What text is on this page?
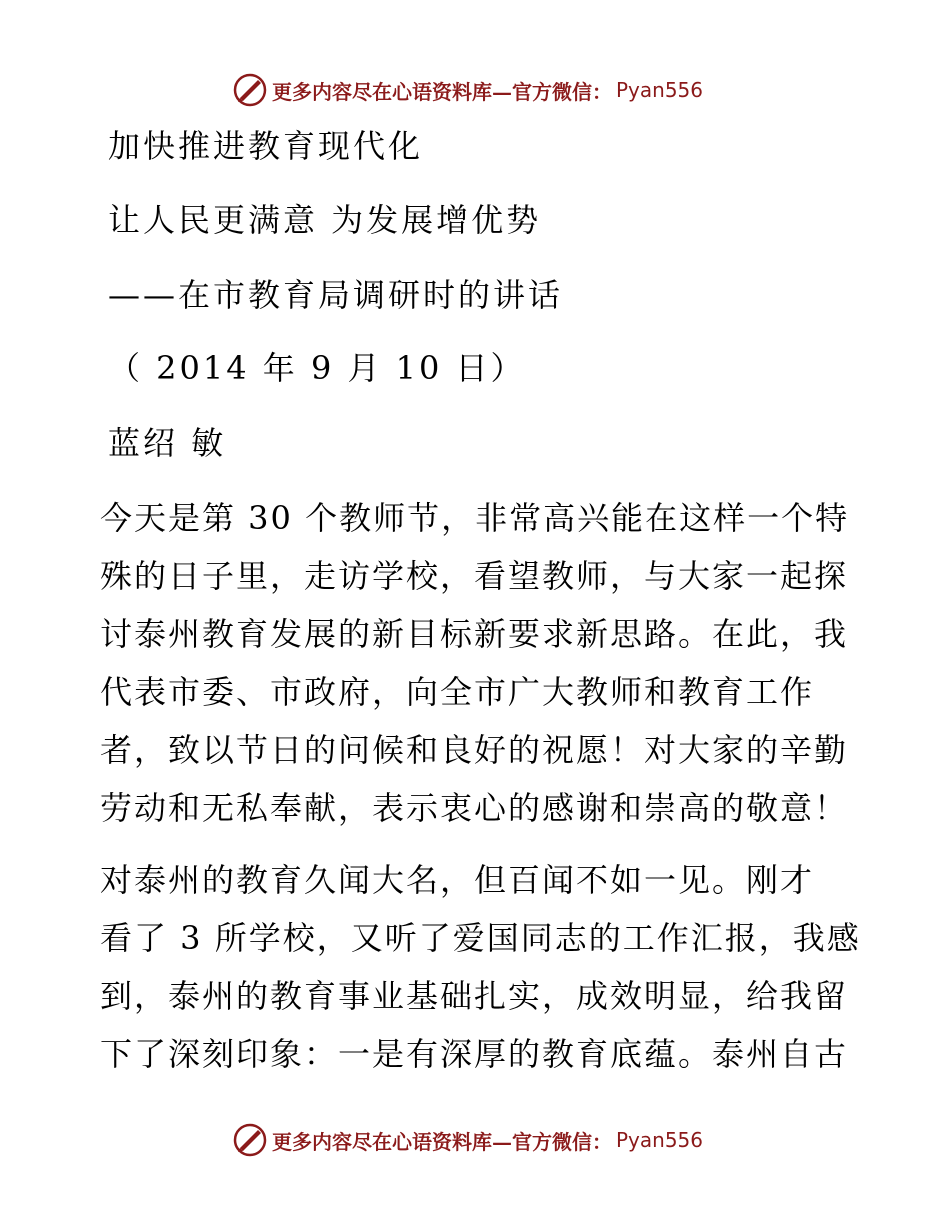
更多内容尽在心语资料库—官方微信： Pyan556
加快推进教育现代化
让人民更满意 为发展增优势
——在市教育局调研时的讲话
（ 2014 年 9 月 10 日）
蓝绍 敏
今天是第 30 个教师节，非常高兴能在这样一个特
殊的日子里，走访学校，看望教师，与大家一起探
讨泰州教育发展的新目标新要求新思路。在此，我
代表市委、市政府，向全市广大教师和教育工作
者，致以节日的问候和良好的祝愿！对大家的辛勤
劳动和无私奉献，表示衷心的感谢和崇高的敬意！
对泰州的教育久闻大名，但百闻不如一见。刚才
看了 3 所学校，又听了爱国同志的工作汇报，我感
到，泰州的教育事业基础扎实，成效明显，给我留
下了深刻印象：一是有深厚的教育底蕴。泰州自古
更多内容尽在心语资料库—官方微信： Pyan556
